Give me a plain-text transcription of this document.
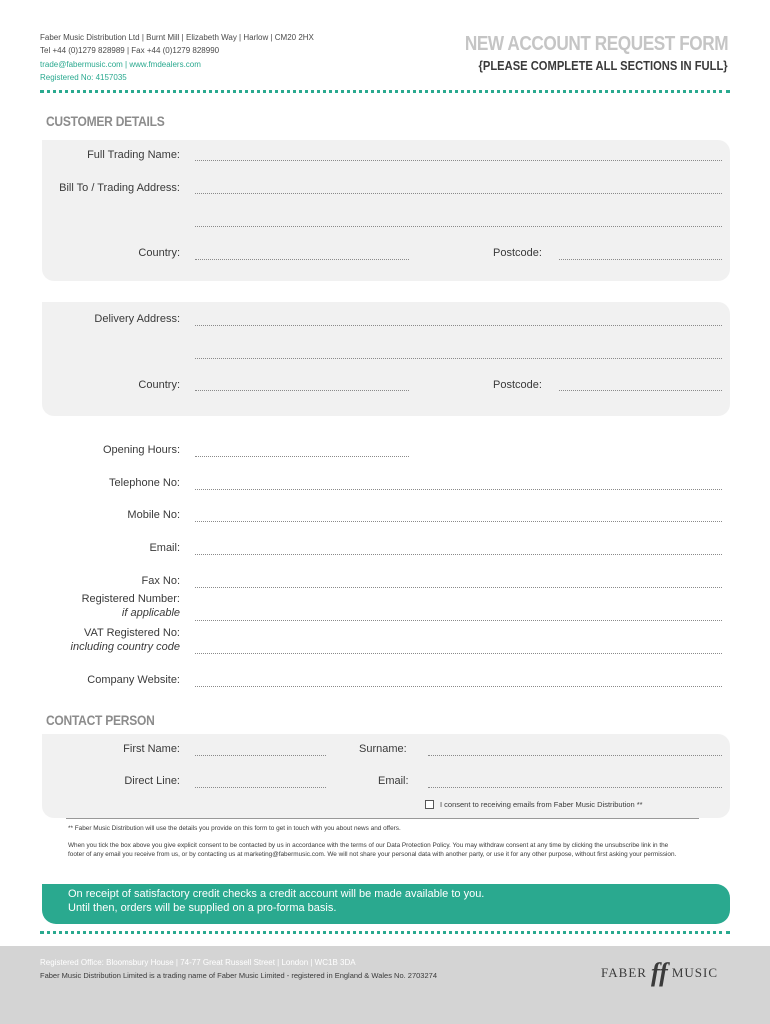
Faber Music Distribution Ltd | Burnt Mill | Elizabeth Way | Harlow | CM20 2HX
Tel +44 (0)1279 828989 | Fax +44 (0)1279 828990
trade@fabermusic.com | www.fmdealers.com
Registered No: 4157035
NEW ACCOUNT REQUEST FORM
{PLEASE COMPLETE ALL SECTIONS IN FULL}
CUSTOMER DETAILS
Full Trading Name:
Bill To / Trading Address:
Country:	Postcode:
Delivery Address:
Country:	Postcode:
Opening Hours:
Telephone No:
Mobile No:
Email:
Fax No:
Registered Number:
if applicable
VAT Registered No:
including country code
Company Website:
CONTACT PERSON
First Name:	Surname:
Direct Line:	Email:
I consent to receiving emails from Faber Music Distribution **
** Faber Music Distribution will use the details you provide on this form to get in touch with you about news and offers.
When you tick the box above you give explicit consent to be contacted by us in accordance with the terms of our Data Protection Policy. You may withdraw consent at any time by clicking the unsubscribe link in the footer of any email you receive from us, or by contacting us at marketing@fabermusic.com. We will not share your personal data with another party, or use it for any other purpose, without first asking your permission.
On receipt of satisfactory credit checks a credit account will be made available to you.
Until then, orders will be supplied on a pro-forma basis.
Registered Office: Bloomsbury House | 74-77 Great Russell Street | London | WC1B 3DA
Faber Music Distribution Limited is a trading name of Faber Music Limited - registered in England & Wales No. 2703274	FABER ff MUSIC
